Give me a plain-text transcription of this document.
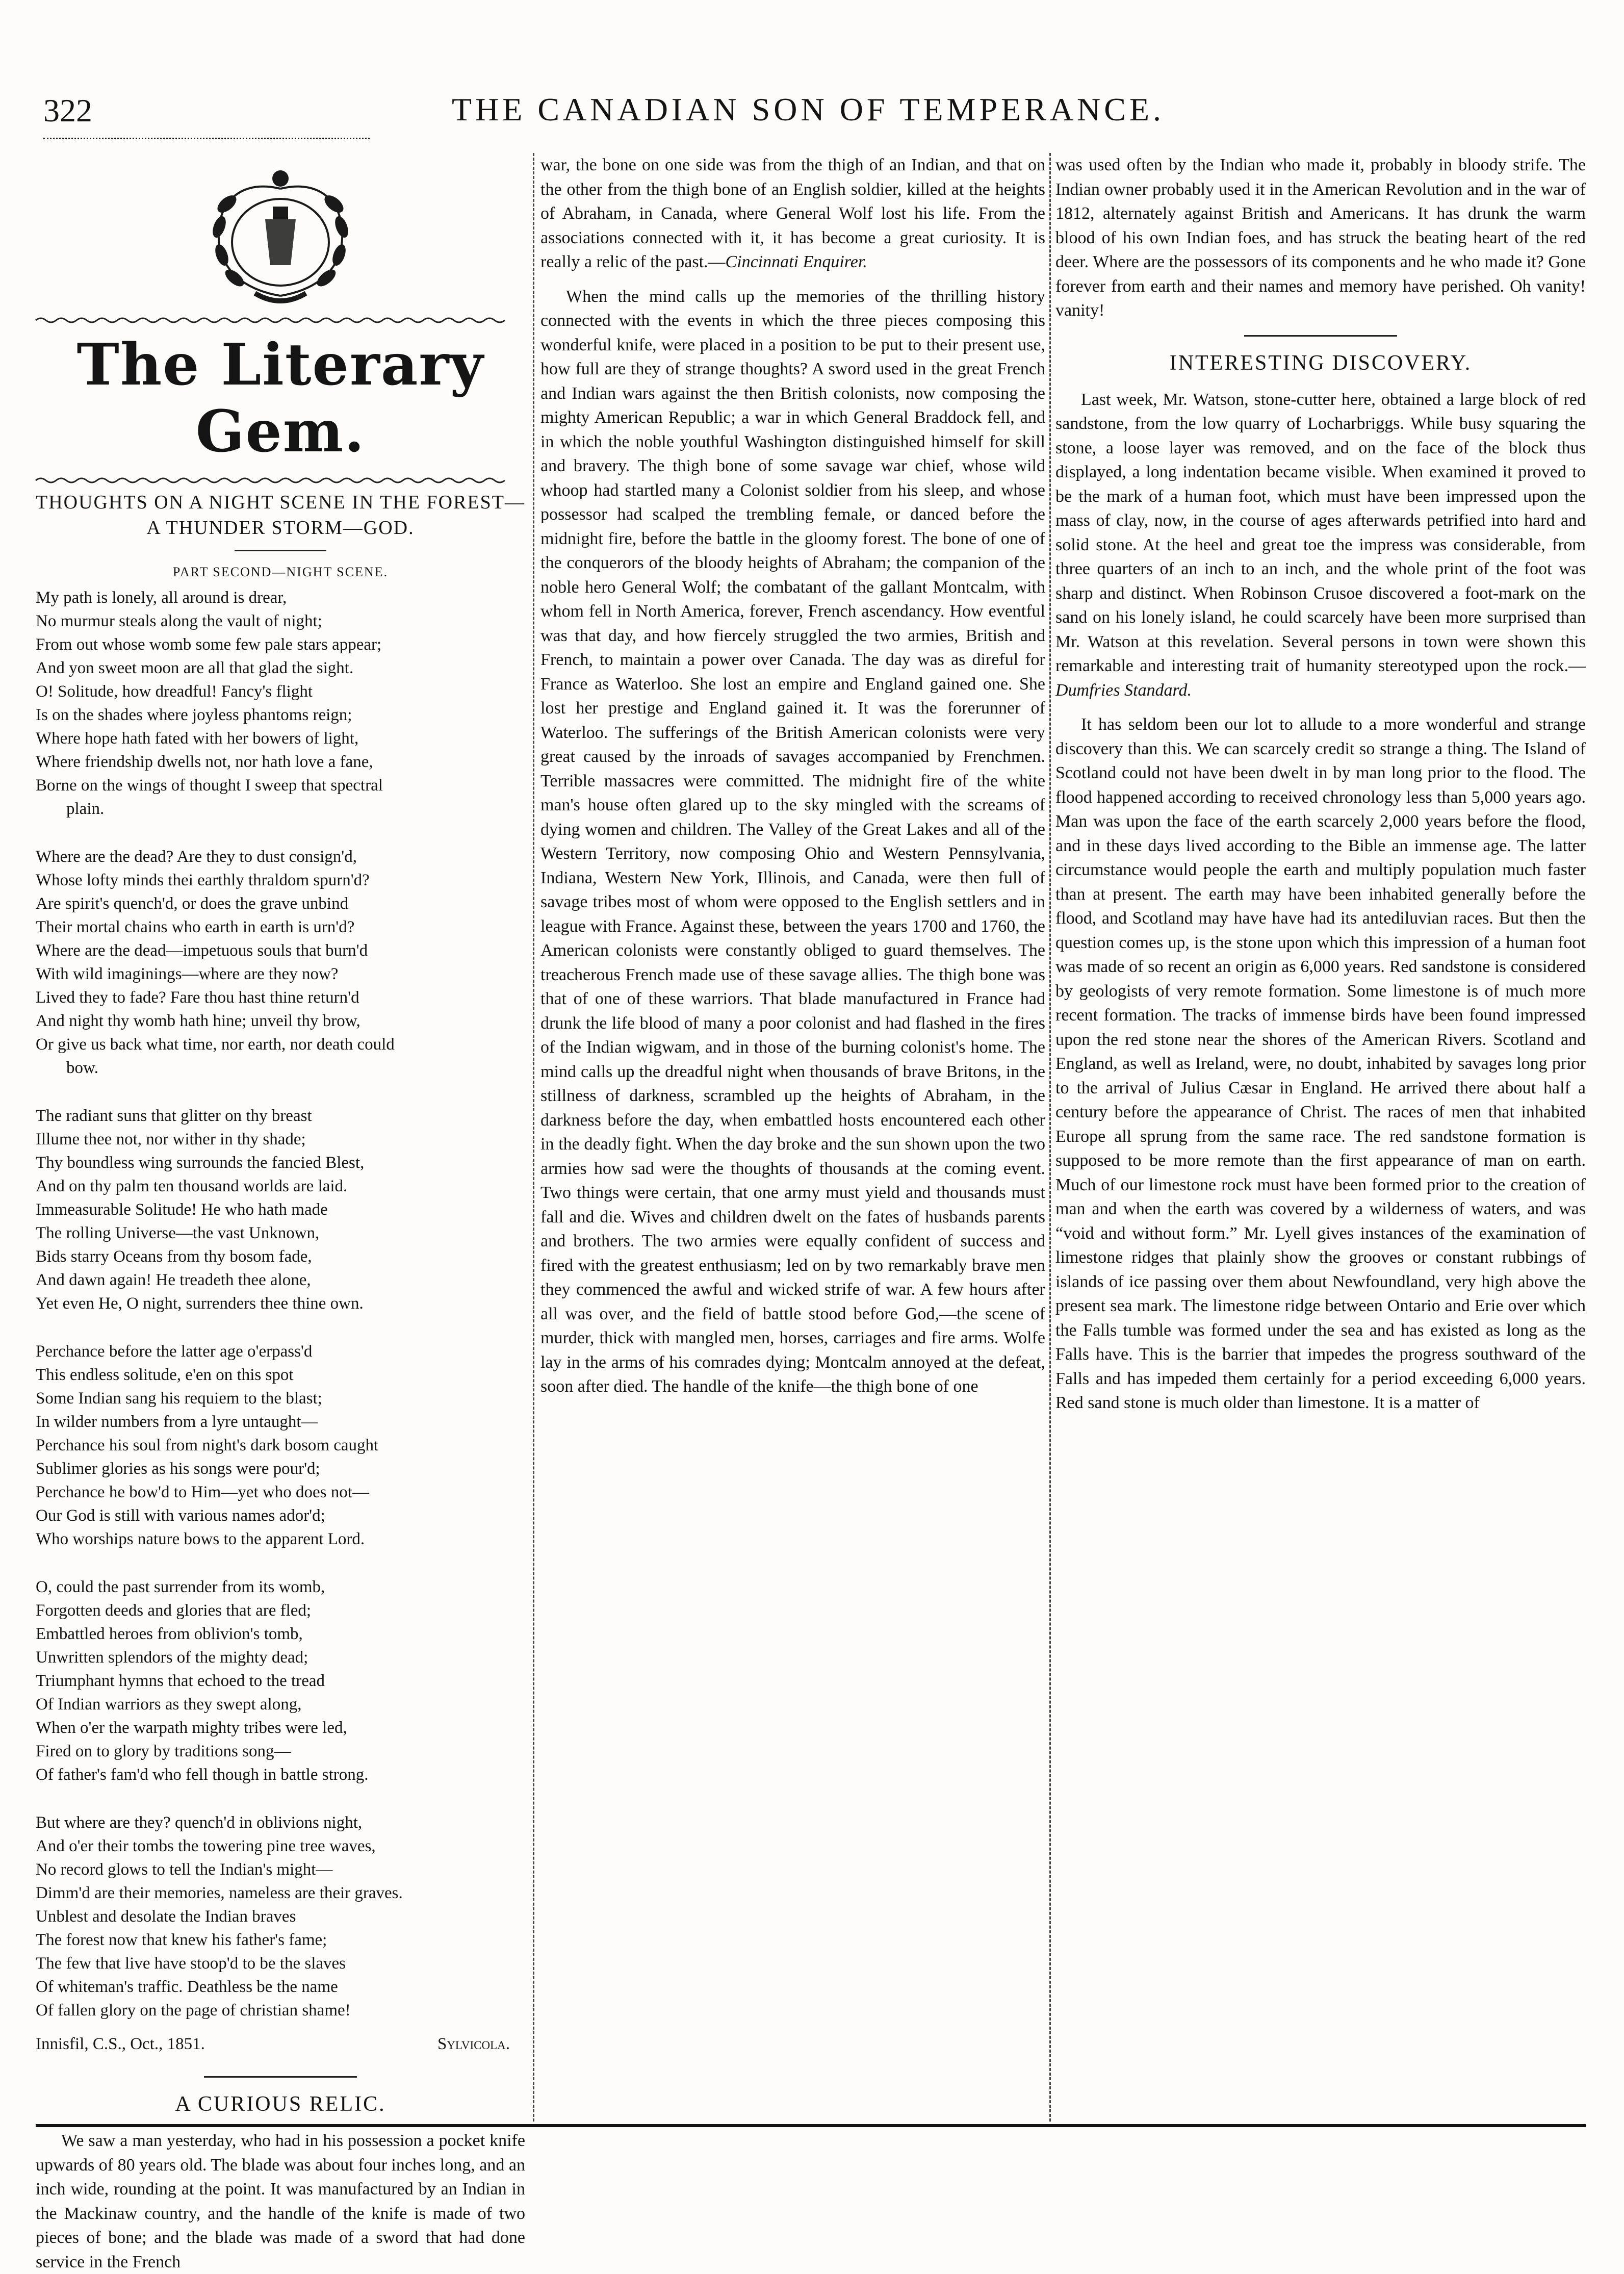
322	THE CANADIAN SON OF TEMPERANCE.
The Literary Gem.
THOUGHTS ON A NIGHT SCENE IN THE FOREST—A THUNDER STORM—GOD.
PART SECOND—NIGHT SCENE.

My path is lonely, all around is drear,

No murmur steals along the vault of night;

From out whose womb some few pale stars appear;

And yon sweet moon are all that glad the sight.

O! Solitude, how dreadful! Fancy's flight

Is on the shades where joyless phantoms reign;

Where hope hath fated with her bowers of light,

Where friendship dwells not, nor hath love a fane,

Borne on the wings of thought I sweep that spectral

plain.

Where are the dead? Are they to dust consign'd,

Whose lofty minds thei earthly thraldom spurn'd?

Are spirit's quench'd, or does the grave unbind

Their mortal chains who earth in earth is urn'd?

Where are the dead—impetuous souls that burn'd

With wild imaginings—where are they now?

Lived they to fade? Fare thou hast thine return'd

And night thy womb hath hine; unveil thy brow,

Or give us back what time, nor earth, nor death could

bow.

The radiant suns that glitter on thy breast

Illume thee not, nor wither in thy shade;

Thy boundless wing surrounds the fancied Blest,

And on thy palm ten thousand worlds are laid.

Immeasurable Solitude! He who hath made

The rolling Universe—the vast Unknown,

Bids starry Oceans from thy bosom fade,

And dawn again! He treadeth thee alone,

Yet even He, O night, surrenders thee thine own.

Perchance before the latter age o'erpass'd

This endless solitude, e'en on this spot

Some Indian sang his requiem to the blast;

In wilder numbers from a lyre untaught—

Perchance his soul from night's dark bosom caught

Sublimer glories as his songs were pour'd;

Perchance he bow'd to Him—yet who does not—

Our God is still with various names ador'd;

Who worships nature bows to the apparent Lord.

O, could the past surrender from its womb,

Forgotten deeds and glories that are fled;

Embattled heroes from oblivion's tomb,

Unwritten splendors of the mighty dead;

Triumphant hymns that echoed to the tread

Of Indian warriors as they swept along,

When o'er the warpath mighty tribes were led,

Fired on to glory by traditions song—

Of father's fam'd who fell though in battle strong.

But where are they? quench'd in oblivions night,

And o'er their tombs the towering pine tree waves,

No record glows to tell the Indian's might—

Dimm'd are their memories, nameless are their graves.

Unblest and desolate the Indian braves

The forest now that knew his father's fame;

The few that live have stoop'd to be the slaves

Of whiteman's traffic. Deathless be the name

Of fallen glory on the page of christian shame!

Innisfil, C.S., Oct., 1851.	Sylvicola.
A CURIOUS RELIC.

We saw a man yesterday, who had in his possession a pocket knife upwards of 80 years old. The blade was about four inches long, and an inch wide, rounding at the point. It was manufactured by an Indian in the Mackinaw country, and the handle of the knife is made of two pieces of bone; and the blade was made of a sword that had done service in the French

war, the bone on one side was from the thigh of an Indian, and that on the other from the thigh bone of an English soldier, killed at the heights of Abraham, in Canada, where General Wolf lost his life. From the associations connected with it, it has become a great curiosity. It is really a relic of the past.—Cincinnati Enquirer.

When the mind calls up the memories of the thrilling history connected with the events in which the three pieces composing this wonderful knife, were placed in a position to be put to their present use, how full are they of strange thoughts? A sword used in the great French and Indian wars against the then British colonists, now composing the mighty American Republic; a war in which General Braddock fell, and in which the noble youthful Washington distinguished himself for skill and bravery. The thigh bone of some savage war chief, whose wild whoop had startled many a Colonist soldier from his sleep, and whose possessor had scalped the trembling female, or danced before the midnight fire, before the battle in the gloomy forest. The bone of one of the conquerors of the bloody heights of Abraham; the companion of the noble hero General Wolf; the combatant of the gallant Montcalm, with whom fell in North America, forever, French ascendancy. How eventful was that day, and how fiercely struggled the two armies, British and French, to maintain a power over Canada. The day was as direful for France as Waterloo. She lost an empire and England gained one. She lost her prestige and England gained it. It was the forerunner of Waterloo. The sufferings of the British American colonists were very great caused by the inroads of savages accompanied by Frenchmen. Terrible massacres were committed. The midnight fire of the white man's house often glared up to the sky mingled with the screams of dying women and children. The Valley of the Great Lakes and all of the Western Territory, now composing Ohio and Western Pennsylvania, Indiana, Western New York, Illinois, and Canada, were then full of savage tribes most of whom were opposed to the English settlers and in league with France. Against these, between the years 1700 and 1760, the American colonists were constantly obliged to guard themselves. The treacherous French made use of these savage allies. The thigh bone was that of one of these warriors. That blade manufactured in France had drunk the life blood of many a poor colonist and had flashed in the fires of the Indian wigwam, and in those of the burning colonist's home. The mind calls up the dreadful night when thousands of brave Britons, in the stillness of darkness, scrambled up the heights of Abraham, in the darkness before the day, when embattled hosts encountered each other in the deadly fight. When the day broke and the sun shown upon the two armies how sad were the thoughts of thousands at the coming event. Two things were certain, that one army must yield and thousands must fall and die. Wives and children dwelt on the fates of husbands parents and brothers. The two armies were equally confident of success and fired with the greatest enthusiasm; led on by two remarkably brave men they commenced the awful and wicked strife of war. A few hours after all was over, and the field of battle stood before God,—the scene of murder, thick with mangled men, horses, carriages and fire arms. Wolfe lay in the arms of his comrades dying; Montcalm annoyed at the defeat, soon after died. The handle of the knife—the thigh bone of one

was used often by the Indian who made it, probably in bloody strife. The Indian owner probably used it in the American Revolution and in the war of 1812, alternately against British and Americans. It has drunk the warm blood of his own Indian foes, and has struck the beating heart of the red deer. Where are the possessors of its components and he who made it? Gone forever from earth and their names and memory have perished. Oh vanity! vanity!

INTERESTING DISCOVERY.

Last week, Mr. Watson, stone-cutter here, obtained a large block of red sandstone, from the low quarry of Locharbriggs. While busy squaring the stone, a loose layer was removed, and on the face of the block thus displayed, a long indentation became visible. When examined it proved to be the mark of a human foot, which must have been impressed upon the mass of clay, now, in the course of ages afterwards petrified into hard and solid stone. At the heel and great toe the impress was considerable, from three quarters of an inch to an inch, and the whole print of the foot was sharp and distinct. When Robinson Crusoe discovered a foot-mark on the sand on his lonely island, he could scarcely have been more surprised than Mr. Watson at this revelation. Several persons in town were shown this remarkable and interesting trait of humanity stereotyped upon the rock.—Dumfries Standard.

It has seldom been our lot to allude to a more wonderful and strange discovery than this. We can scarcely credit so strange a thing. The Island of Scotland could not have been dwelt in by man long prior to the flood. The flood happened according to received chronology less than 5,000 years ago. Man was upon the face of the earth scarcely 2,000 years before the flood, and in these days lived according to the Bible an immense age. The latter circumstance would people the earth and multiply population much faster than at present. The earth may have been inhabited generally before the flood, and Scotland may have have had its antediluvian races. But then the question comes up, is the stone upon which this impression of a human foot was made of so recent an origin as 6,000 years. Red sandstone is considered by geologists of very remote formation. Some limestone is of much more recent formation. The tracks of immense birds have been found impressed upon the red stone near the shores of the American Rivers. Scotland and England, as well as Ireland, were, no doubt, inhabited by savages long prior to the arrival of Julius Cæsar in England. He arrived there about half a century before the appearance of Christ. The races of men that inhabited Europe all sprung from the same race. The red sandstone formation is supposed to be more remote than the first appearance of man on earth. Much of our limestone rock must have been formed prior to the creation of man and when the earth was covered by a wilderness of waters, and was “void and without form.” Mr. Lyell gives instances of the examination of limestone ridges that plainly show the grooves or constant rubbings of islands of ice passing over them about Newfoundland, very high above the present sea mark. The limestone ridge between Ontario and Erie over which the Falls tumble was formed under the sea and has existed as long as the Falls have. This is the barrier that impedes the progress southward of the Falls and has impeded them certainly for a period exceeding 6,000 years. Red sand stone is much older than limestone. It is a matter of
